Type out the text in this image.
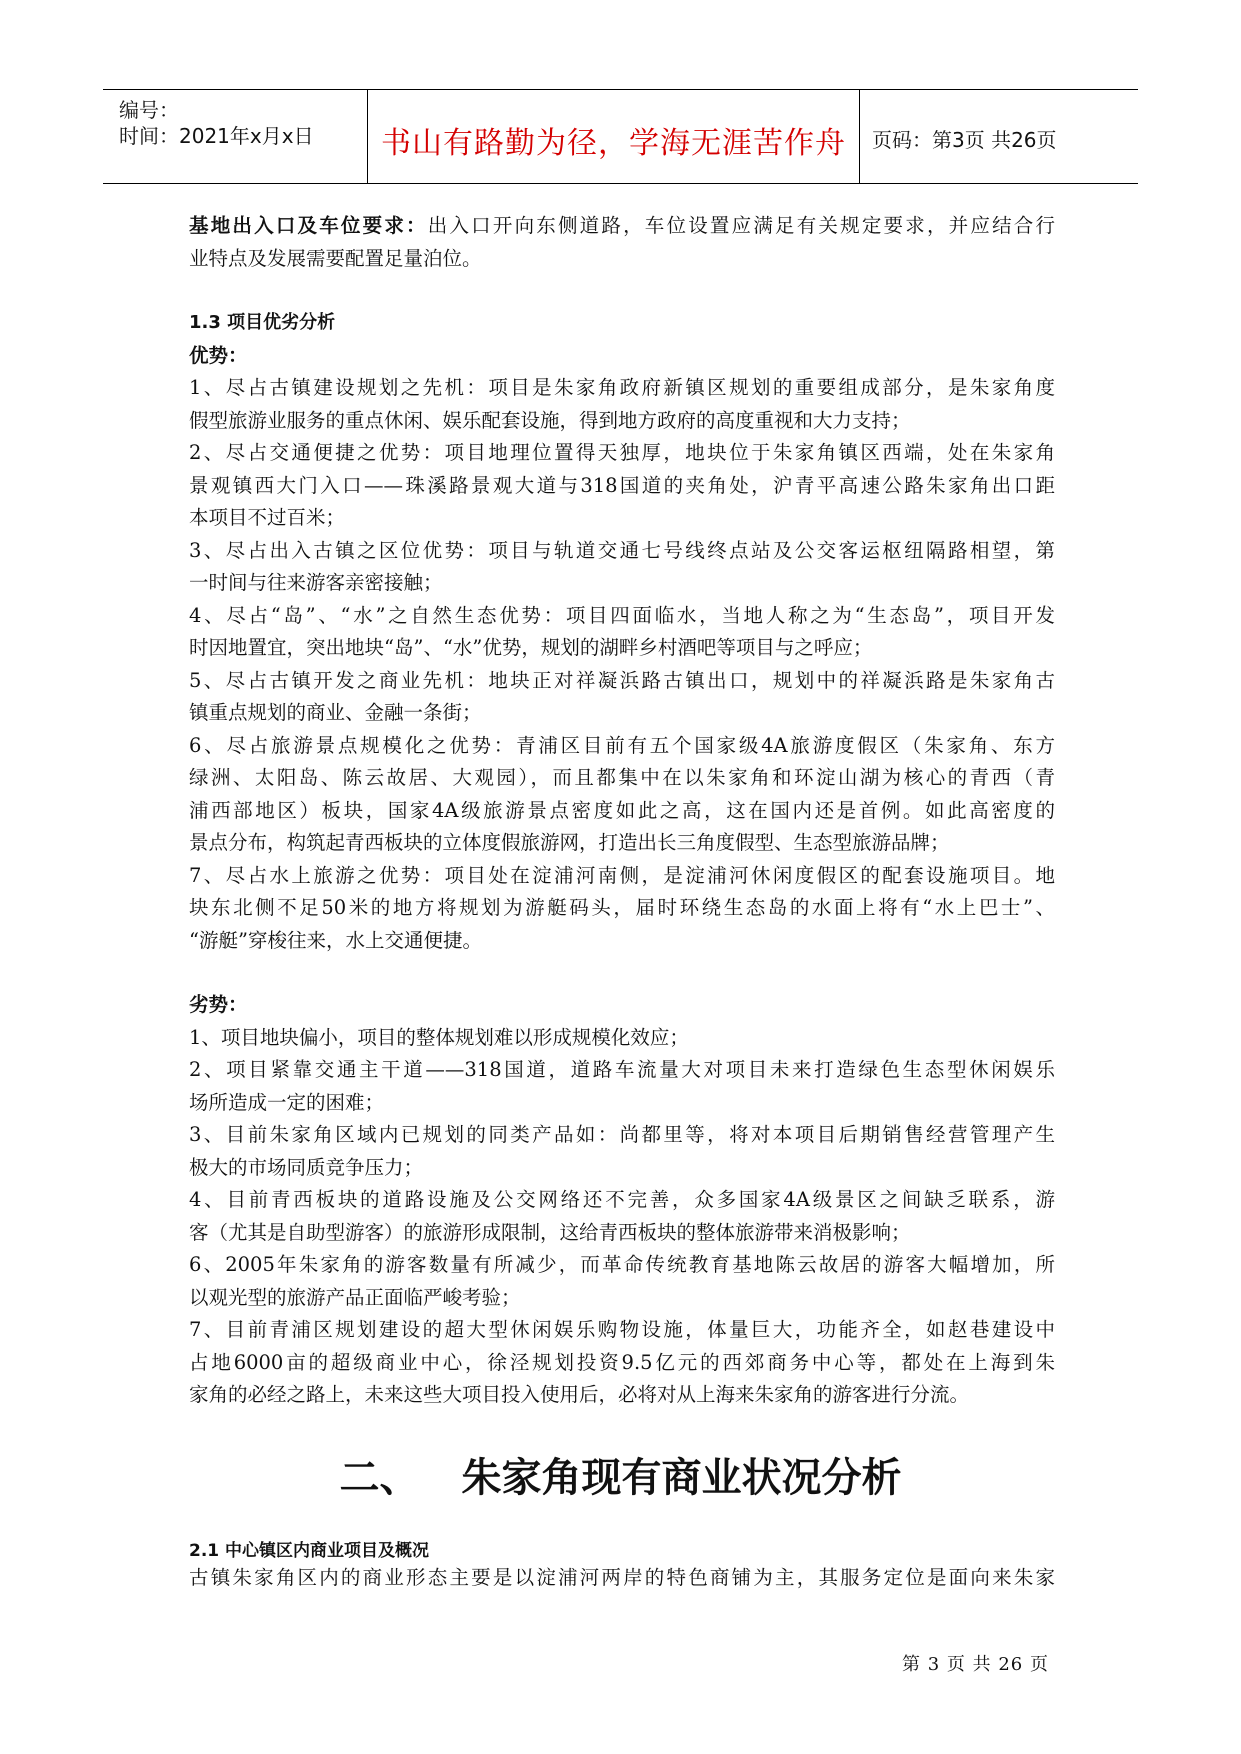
编号：
时间：2021年x月x日	书山有路勤为径，学海无涯苦作舟	页码：第3页 共26页

基地出入口及车位要求：出入口开向东侧道路，车位设置应满足有关规定要求，并应结合行

业特点及发展需要配置足量泊位。

1.3 项目优劣分析

优势：

1、尽占古镇建设规划之先机：项目是朱家角政府新镇区规划的重要组成部分，是朱家角度

假型旅游业服务的重点休闲、娱乐配套设施，得到地方政府的高度重视和大力支持；

2、尽占交通便捷之优势：项目地理位置得天独厚，地块位于朱家角镇区西端，处在朱家角

景观镇西大门入口——珠溪路景观大道与318国道的夹角处，沪青平高速公路朱家角出口距

本项目不过百米；

3、尽占出入古镇之区位优势：项目与轨道交通七号线终点站及公交客运枢纽隔路相望，第

一时间与往来游客亲密接触；

4、尽占“岛”、“水”之自然生态优势：项目四面临水，当地人称之为“生态岛”，项目开发

时因地置宜，突出地块“岛”、“水”优势，规划的湖畔乡村酒吧等项目与之呼应；

5、尽占古镇开发之商业先机：地块正对祥凝浜路古镇出口，规划中的祥凝浜路是朱家角古

镇重点规划的商业、金融一条街；

6、尽占旅游景点规模化之优势：青浦区目前有五个国家级4A旅游度假区（朱家角、东方

绿洲、太阳岛、陈云故居、大观园），而且都集中在以朱家角和环淀山湖为核心的青西（青

浦西部地区）板块，国家4A级旅游景点密度如此之高，这在国内还是首例。如此高密度的

景点分布，构筑起青西板块的立体度假旅游网，打造出长三角度假型、生态型旅游品牌；

7、尽占水上旅游之优势：项目处在淀浦河南侧，是淀浦河休闲度假区的配套设施项目。地

块东北侧不足50米的地方将规划为游艇码头，届时环绕生态岛的水面上将有“水上巴士”、

“游艇”穿梭往来，水上交通便捷。

劣势：

1、项目地块偏小，项目的整体规划难以形成规模化效应；

2、项目紧靠交通主干道——318国道，道路车流量大对项目未来打造绿色生态型休闲娱乐

场所造成一定的困难；

3、目前朱家角区域内已规划的同类产品如：尚都里等，将对本项目后期销售经营管理产生

极大的市场同质竞争压力；

4、目前青西板块的道路设施及公交网络还不完善，众多国家4A级景区之间缺乏联系，游

客（尤其是自助型游客）的旅游形成限制，这给青西板块的整体旅游带来消极影响；

6、2005年朱家角的游客数量有所减少，而革命传统教育基地陈云故居的游客大幅增加，所

以观光型的旅游产品正面临严峻考验；

7、目前青浦区规划建设的超大型休闲娱乐购物设施，体量巨大，功能齐全，如赵巷建设中

占地6000亩的超级商业中心，徐泾规划投资9.5亿元的西郊商务中心等，都处在上海到朱

家角的必经之路上，未来这些大项目投入使用后，必将对从上海来朱家角的游客进行分流。

二、 朱家角现有商业状况分析
2.1 中心镇区内商业项目及概况
古镇朱家角区内的商业形态主要是以淀浦河两岸的特色商铺为主，其服务定位是面向来朱家
第 3 页 共 26 页
